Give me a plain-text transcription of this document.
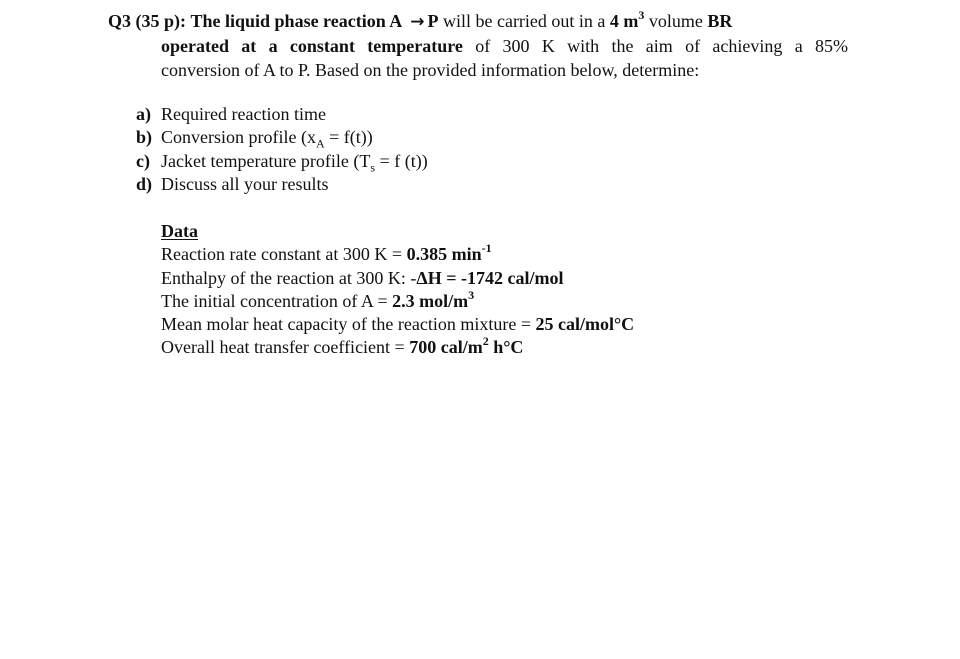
Q3 (35 p): The liquid phase reaction A → P will be carried out in a 4 $m^3$ volume BR
operated at a constant temperature of 300 K with the aim of achieving a 85%
conversion of A to P. Based on the provided information below, determine:
a) Required reaction time
b) Conversion profile $(x_A = f(t))$
c) Jacket temperature profile ($T_s = f$ (t))
d) Discuss all your results
Data
Reaction rate constant at 300 K = 0.385 $\min^{-1}$
Enthalpy of the reaction at 300 K: -ΔH = -1742 cal/mol
The initial concentration of A = 2.3 mol/$m^3$
Mean molar heat capacity of the reaction mixture = 25 cal/mol°C
Overall heat transfer coefficient = 700 cal/$m^2$ h°C
